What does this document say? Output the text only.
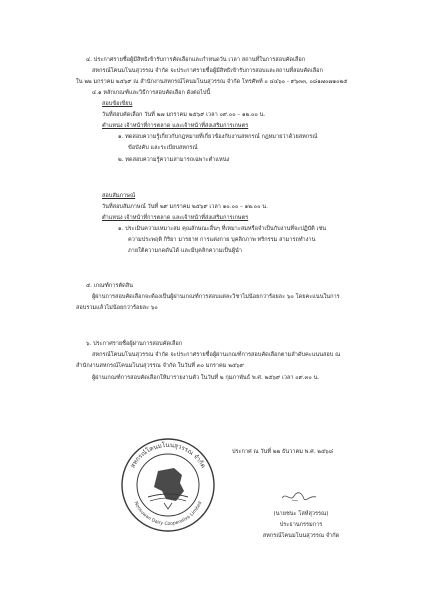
๔. ประกาศรายชื่อผู้มีสิทธิเข้ารับการคัดเลือกและกำหนดวัน เวลา สถานที่ในการสอบคัดเลือก
สหกรณ์โคนมโนนสุวรรณ จำกัด จะประกาศรายชื่อผู้มีสิทธิเข้ารับการสอบและสถานที่สอบคัดเลือก
ใน ๒๒ มกราคม ๒๕๖๙ ณ สำนักงานสหกรณ์โคนมโนนสุวรรณ จำกัด โทรศัพท์ ๐ ๔๔๖๐ - ๙๖๓๓, ๐๘๑๗๐๗๑๐๒๕
๔.๑ หลักเกณฑ์และวิธีการสอบคัดเลือก ดังต่อไปนี้
สอบข้อเขียน
วันที่สอบคัดเลือก วันที่ ๒๗ มกราคม ๒๕๖๙ เวลา ๐๙.๐๐ – ๑๒.๐๐ น.
ตำแหน่ง เจ้าหน้าที่การตลาด และเจ้าหน้าที่ส่งเสริมการเกษตร
๑. ทดสอบความรู้เกี่ยวกับกฎหมายที่เกี่ยวข้องกับงานสหกรณ์ กฎหมายว่าด้วยสหกรณ์
ข้อบังคับ และระเบียบสหกรณ์
๒. ทดสอบความรู้ความสามารถเฉพาะตำแหน่ง
สอบสัมภาษณ์
วันที่สอบสัมภาษณ์ วันที่ ๒๙ มกราคม ๒๕๖๙ เวลา ๑๐.๐๐ – ๑๒.๐๐ น.
ตำแหน่ง เจ้าหน้าที่การตลาด และเจ้าหน้าที่ส่งเสริมการเกษตร
๑. ประเมินความเหมาะสม คุณลักษณะอื่นๆ ที่เหมาะสมหรือจำเป็นกับงานที่จะปฏิบัติ เช่น
ความประพฤติ กิริยา มารยาท การแต่งกาย บุคลิกภาพ ทริกรรม สามารถทำงาน
ภายใต้ความกดดันได้ และมีบุคลิกความเป็นผู้นำ
๕. เกณฑ์การตัดสิน
ผู้ผ่านการสอบคัดเลือกจะต้องเป็นผู้ผ่านเกณฑ์การสอบแต่ละวิชาไม่น้อยกว่าร้อยละ ๖๐ โดยคะแนนในการ
สอบรวมแล้วไม่น้อยกว่าร้อยละ ๖๐
๖. ประกาศรายชื่อผู้ผ่านการสอบคัดเลือก
สหกรณ์โคนมโนนสุวรรณ จำกัด จะประกาศรายชื่อผู้ผ่านเกณฑ์การสอบคัดเลือกตามลำดับคะแนนสอบ ณ
สำนักงานสหกรณ์โคนมโนนสุวรรณ จำกัด ในวันที่ ๓๐ มกราคม ๒๕๖๙
ผู้ผ่านเกณฑ์การสอบคัดเลือกให้มารายงานตัว ในวันที่ ๒ กุมภาพันธ์ พ.ศ. ๒๕๖๙ เวลา ๐๙.๓๐ น.
ประกาศ ณ วันที่ ๒๒ ธันวาคม พ.ศ. ๒๕๖๘
(นายชนะ โล่ห์สุวรรณ)
ประธานกรรมการ
สหกรณ์โคนมโนนสุวรรณ จำกัด
สหกรณ์โคนมโนนสุวรรณ จำกัด
Nonsuwan Dairy Cooperative Limited
